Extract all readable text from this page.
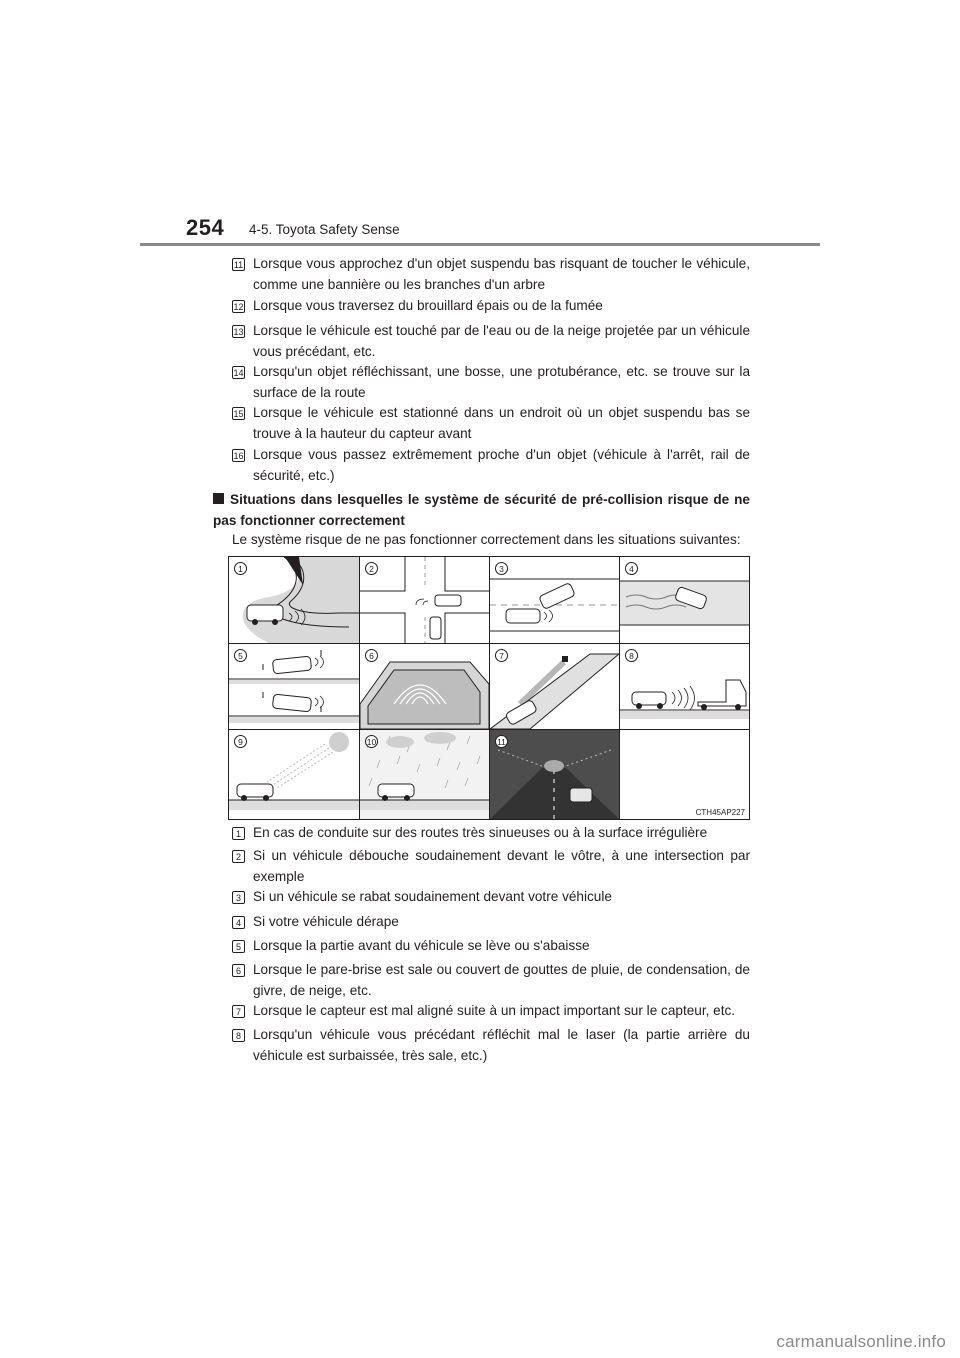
254 4-5. Toyota Safety Sense
11 Lorsque vous approchez d'un objet suspendu bas risquant de toucher le véhicule, comme une bannière ou les branches d'un arbre
12 Lorsque vous traversez du brouillard épais ou de la fumée
13 Lorsque le véhicule est touché par de l'eau ou de la neige projetée par un véhicule vous précédant, etc.
14 Lorsqu'un objet réfléchissant, une bosse, une protubérance, etc. se trouve sur la surface de la route
15 Lorsque le véhicule est stationné dans un endroit où un objet suspendu bas se trouve à la hauteur du capteur avant
16 Lorsque vous passez extrêmement proche d'un objet (véhicule à l'arrêt, rail de sécurité, etc.)
Situations dans lesquelles le système de sécurité de pré-collision risque de ne pas fonctionner correctement
Le système risque de ne pas fonctionner correctement dans les situations suivantes:
1	2	3	4
5	6	7	8
9	10	11
CTH45AP227
1 En cas de conduite sur des routes très sinueuses ou à la surface irrégulière
2 Si un véhicule débouche soudainement devant le vôtre, à une intersection par exemple
3 Si un véhicule se rabat soudainement devant votre véhicule
4 Si votre véhicule dérape
5 Lorsque la partie avant du véhicule se lève ou s'abaisse
6 Lorsque le pare-brise est sale ou couvert de gouttes de pluie, de condensation, de givre, de neige, etc.
7 Lorsque le capteur est mal aligné suite à un impact important sur le capteur, etc.
8 Lorsqu'un véhicule vous précédant réfléchit mal le laser (la partie arrière du véhicule est surbaissée, très sale, etc.)
carmanualsonline.info
